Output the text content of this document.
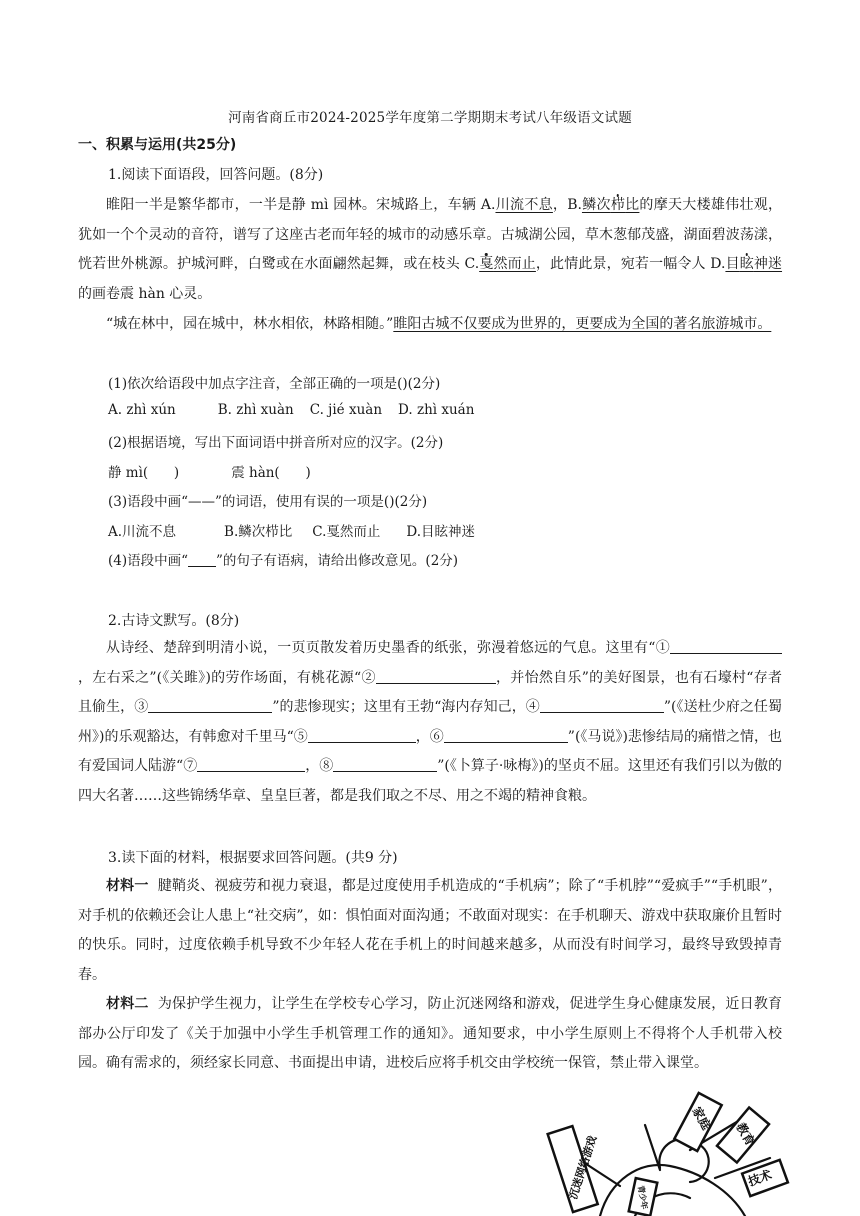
河南省商丘市2024-2025学年度第二学期期末考试八年级语文试题
一、积累与运用(共25分)
1.阅读下面语段，回答问题。(8分)
睢阳一半是繁华都市，一半是静 mì 园林。宋城路上，车辆 A.川流不息，B.鳞次栉比的摩天大楼雄伟壮观，犹如一个个灵动的音符，谱写了这座古老而年轻的城市的动感乐章。古城湖公园，草木葱郁茂盛，湖面碧波荡漾，恍若世外桃源。护城河畔，白鹭或在水面翩然起舞，或在枝头 C.戛然而止，此情此景，宛若一幅令人 D.目眩神迷的画卷震 hàn 心灵。
“城在林中，园在城中，林水相依，林路相随。”睢阳古城不仅要成为世界的，更要成为全国的著名旅游城市。
(1)依次给语段中加点字注音，全部正确的一项是()(2分)
A. zhì xún	B. zhì xuàn C. jié xuàn D. zhì xuán
(2)根据语境，写出下面词语中拼音所对应的汉字。(2分)
静 mì(      )	震 hàn(      )
(3)语段中画“——”的词语，使用有误的一项是()(2分)
A.川流不息	B.鳞次栉比 C.戛然而止 D.目眩神迷
(4)语段中画“ ”的句子有语病，请给出修改意见。(2分)
2.古诗文默写。(8分)
从诗经、楚辞到明清小说，一页页散发着历史墨香的纸张，弥漫着悠远的气息。这里有“①，左右采之”(《关雎》)的劳作场面，有桃花源“②	，并怡然自乐”的美好图景，也有石壕村“存者且偷生，③	”的悲惨现实；这里有王勃“海内存知己，④	”(《送杜少府之任蜀州》)的乐观豁达，有韩愈对千里马“⑤	，⑥	”(《马说》)悲惨结局的痛惜之情，也有爱国词人陆游“⑦	，⑧	”(《卜算子·咏梅》)的坚贞不屈。这里还有我们引以为傲的四大名著……这些锦绣华章、皇皇巨著，都是我们取之不尽、用之不竭的精神食粮。
3.读下面的材料，根据要求回答问题。(共9 分)
材料一 腱鞘炎、视疲劳和视力衰退，都是过度使用手机造成的“手机病”；除了“手机脖”“爱疯手”“手机眼”，对手机的依赖还会让人患上“社交病”，如：惧怕面对面沟通；不敢面对现实：在手机聊天、游戏中获取廉价且暂时的快乐。同时，过度依赖手机导致不少年轻人花在手机上的时间越来越多，从而没有时间学习，最终导致毁掉青春。
材料二 为保护学生视力，让学生在学校专心学习，防止沉迷网络和游戏，促进学生身心健康发展，近日教育部办公厅印发了《关于加强中小学生手机管理工作的通知》。通知要求，中小学生原则上不得将个人手机带入校园。确有需求的，须经家长同意、书面提出申请，进校后应将手机交由学校统一保管，禁止带入课堂。
沉迷网络游戏
家庭
教育
技术
青少年
